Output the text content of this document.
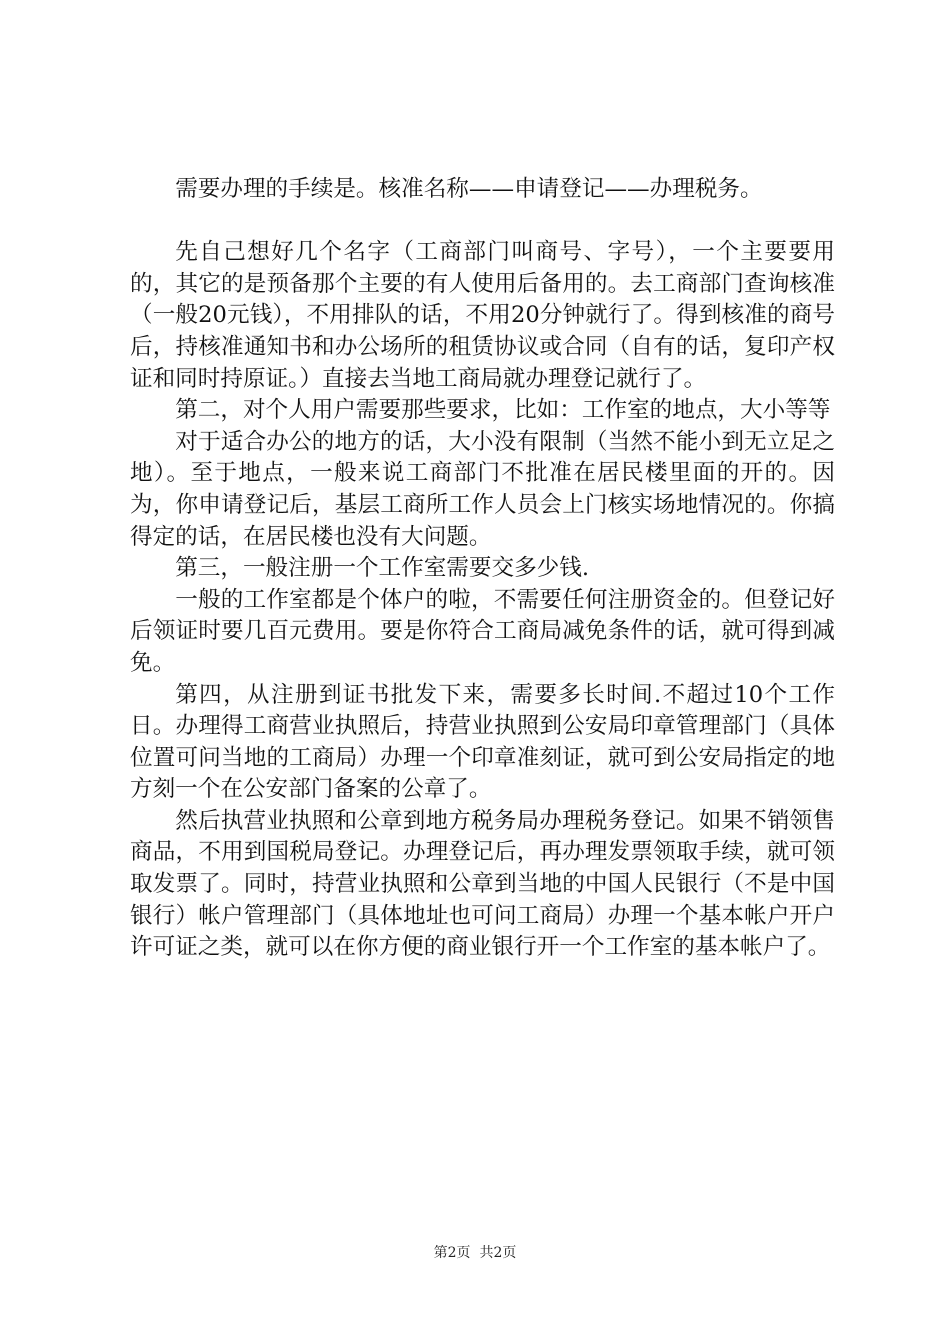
需要办理的手续是。核准名称——申请登记——办理税务。

先自己想好几个名字（工商部门叫商号、字号），一个主要要用的，其它的是预备那个主要的有人使用后备用的。去工商部门查询核准（一般20元钱），不用排队的话，不用20分钟就行了。得到核准的商号后，持核准通知书和办公场所的租赁协议或合同（自有的话，复印产权证和同时持原证。）直接去当地工商局就办理登记就行了。

第二，对个人用户需要那些要求，比如：工作室的地点，大小等等

对于适合办公的地方的话，大小没有限制（当然不能小到无立足之地）。至于地点，一般来说工商部门不批准在居民楼里面的开的。因为，你申请登记后，基层工商所工作人员会上门核实场地情况的。你搞得定的话，在居民楼也没有大问题。

第三，一般注册一个工作室需要交多少钱.

一般的工作室都是个体户的啦，不需要任何注册资金的。但登记好后领证时要几百元费用。要是你符合工商局减免条件的话，就可得到减免。

第四，从注册到证书批发下来，需要多长时间.不超过10个工作日。办理得工商营业执照后，持营业执照到公安局印章管理部门（具体位置可问当地的工商局）办理一个印章准刻证，就可到公安局指定的地方刻一个在公安部门备案的公章了。

然后执营业执照和公章到地方税务局办理税务登记。如果不销领售商品，不用到国税局登记。办理登记后，再办理发票领取手续，就可领取发票了。同时，持营业执照和公章到当地的中国人民银行（不是中国银行）帐户管理部门（具体地址也可问工商局）办理一个基本帐户开户许可证之类，就可以在你方便的商业银行开一个工作室的基本帐户了。

第2页  共2页
